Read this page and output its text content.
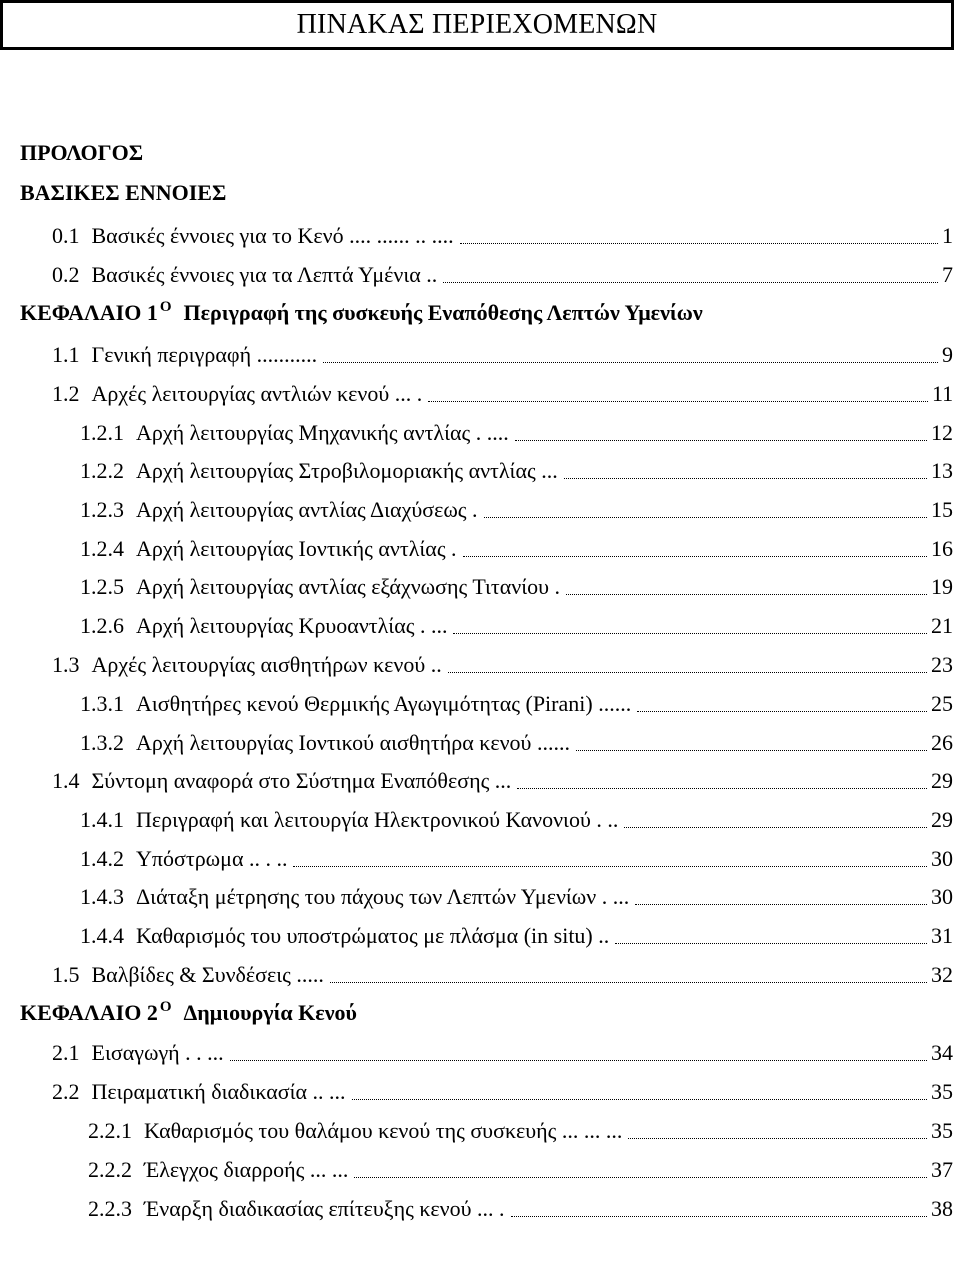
ΠΙΝΑΚΑΣ ΠΕΡΙΕΧΟΜΕΝΩΝ
ΠΡΟΛΟΓΟΣ
ΒΑΣΙΚΕΣ ΕΝΝΟΙΕΣ
0.1 Βασικές έννοιες για το Κενό .... ...... .. ....	1
0.2 Βασικές έννοιες για τα Λεπτά Υμένια ..	7
ΚΕΦΑΛΑΙΟ 1 $^O$ Περιγραφή της συσκευής Εναπόθεσης Λεπτών Υμενίων
1.1 Γενική περιγραφή ...........	9
1.2 Αρχές λειτουργίας αντλιών κενού ... .	11
1.2.1 Αρχή λειτουργίας Μηχανικής αντλίας . ....	12
1.2.2 Αρχή λειτουργίας Στροβιλομοριακής αντλίας ...	13
1.2.3 Αρχή λειτουργίας αντλίας Διαχύσεως .	15
1.2.4 Αρχή λειτουργίας Ιοντικής αντλίας .	16
1.2.5 Αρχή λειτουργίας αντλίας εξάχνωσης Τιτανίου .	19
1.2.6 Αρχή λειτουργίας Κρυοαντλίας . ...	21
1.3 Αρχές λειτουργίας αισθητήρων κενού ..	23
1.3.1 Αισθητήρες κενού Θερμικής Αγωγιμότητας (Pirani) ......	25
1.3.2 Αρχή λειτουργίας Ιοντικού αισθητήρα κενού ......	26
1.4 Σύντομη αναφορά στο Σύστημα Εναπόθεσης ...	29
1.4.1 Περιγραφή και λειτουργία Ηλεκτρονικού Κανονιού . ..	29
1.4.2 Υπόστρωμα .. . ..	30
1.4.3 Διάταξη μέτρησης του πάχους των Λεπτών Υμενίων . ...	30
1.4.4 Καθαρισμός του υποστρώματος με πλάσμα (in situ) ..	31
1.5 Βαλβίδες & Συνδέσεις .....	32
ΚΕΦΑΛΑΙΟ 2 $^O$ Δημιουργία Κενού
2.1 Εισαγωγή . . ...	34
2.2 Πειραματική διαδικασία .. ...	35
2.2.1 Καθαρισμός του θαλάμου κενού της συσκευής ... ... ...	35
2.2.2 Έλεγχος διαρροής ... ...	37
2.2.3 Έναρξη διαδικασίας επίτευξης κενού ... .	38
